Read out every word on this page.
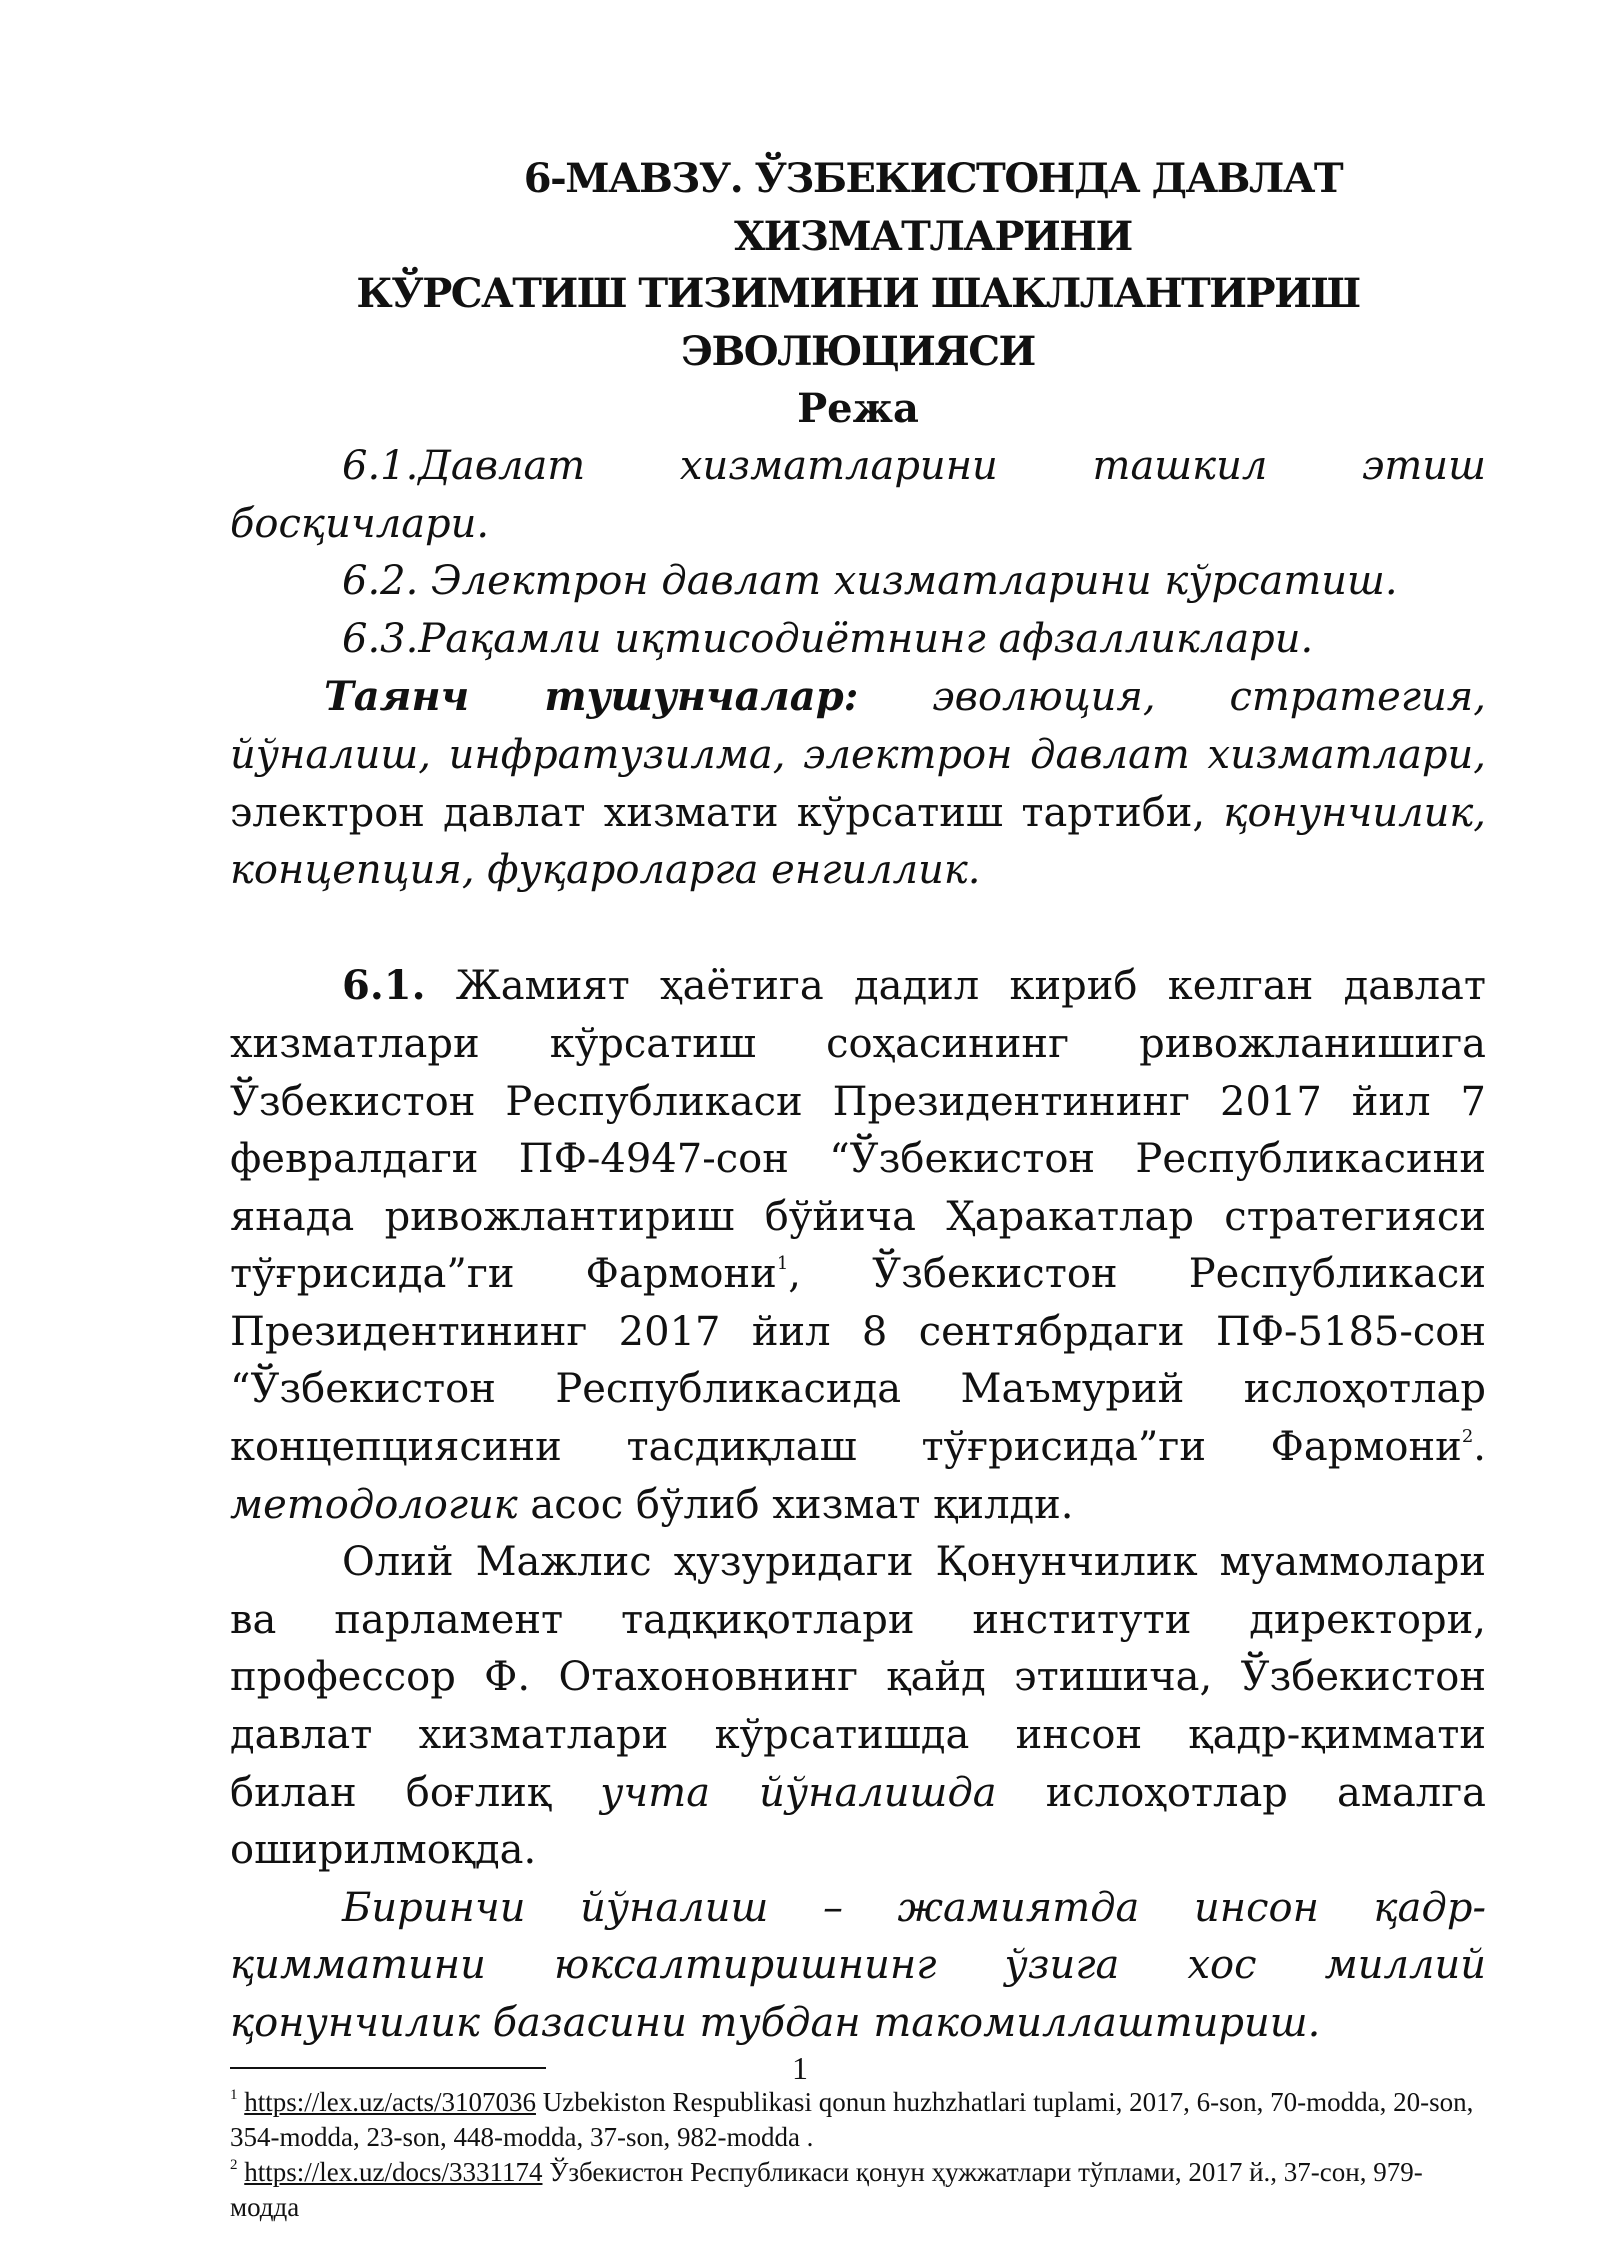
6-МАВЗУ. ЎЗБЕКИСТОНДА ДАВЛАТ ХИЗМАТЛАРИНИ

КЎРСАТИШ ТИЗИМИНИ ШАКЛЛАНТИРИШ ЭВОЛЮЦИЯСИ

Режа

6.1.Давлат хизматларини ташкил этиш босқичлари.

6.2. Электрон давлат хизматларини кўрсатиш.

6.3.Рақамли иқтисодиётнинг афзалликлари.

Таянч тушунчалар: эволюция, стратегия, йўналиш, инфратузилма, электрон давлат хизматлари, электрон давлат хизмати кўрсатиш тартиби, қонунчилик, концепция, фуқароларга енгиллик.

6.1. Жамият ҳаётига дадил кириб келган давлат хизматлари кўрсатиш соҳасининг ривожланишига Ўзбекистон Республикаси Президентининг 2017 йил 7 февралдаги ПФ-4947-сон “Ўзбекистон Республикасини янада ривожлантириш бўйича Ҳаракатлар стратегияси тўғрисида”ги Фармони$^1$, Ўзбекистон Республикаси Президентининг 2017 йил 8 сентябрдаги ПФ-5185-сон “Ўзбекистон Республикасида Маъмурий ислоҳотлар концепциясини тасдиқлаш тўғрисида”ги Фармони$^2$. методологик асос бўлиб хизмат қилди.

Олий Мажлис ҳузуридаги Қонунчилик муаммолари ва парламент тадқиқотлари институти директори, профессор Ф. Отахоновнинг қайд этишича, Ўзбекистон давлат хизматлари кўрсатишда инсон қадр-қиммати билан боғлиқ учта йўналишда ислоҳотлар амалга оширилмоқда.

Биринчи йўналиш – жамиятда инсон қадр-қимматини юксалтиришнинг ўзига хос миллий қонунчилик базасини тубдан такомиллаштириш.

$^1$ https://lex.uz/acts/3107036 Uzbekiston Respublikasi qonun huzhzhatlari tuplami, 2017, 6-son, 70-modda, 20-son, 354-modda, 23-son, 448-modda, 37-son, 982-modda .

$^2$ https://lex.uz/docs/3331174 Ўзбекистон Республикаси қонун ҳужжатлари тўплами, 2017 й., 37-сон, 979-модда

1
